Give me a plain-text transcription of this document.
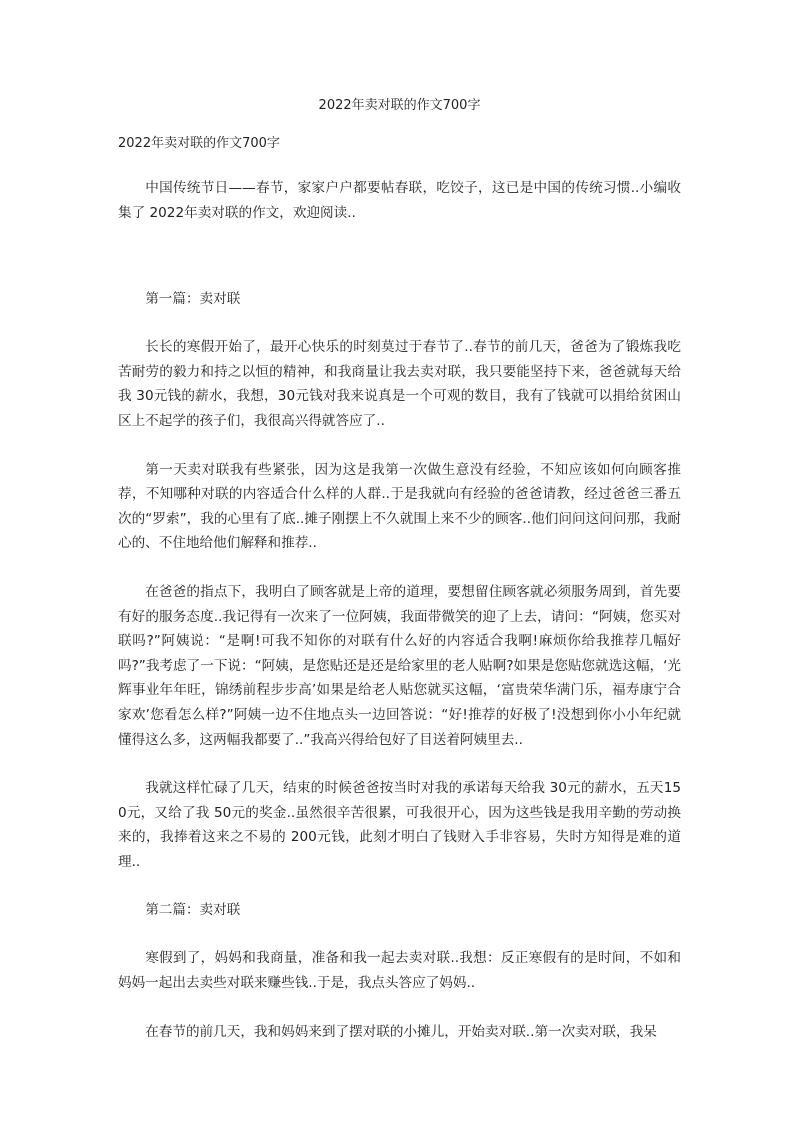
2022年卖对联的作文700字
2022年卖对联的作文700字

中国传统节日——春节，家家户户都要帖春联，吃饺子，这已是中国的传统习惯..小编收集了 2022年卖对联的作文，欢迎阅读..

第一篇：卖对联

长长的寒假开始了，最开心快乐的时刻莫过于春节了..春节的前几天，爸爸为了锻炼我吃苦耐劳的毅力和持之以恒的精神，和我商量让我去卖对联，我只要能坚持下来，爸爸就每天给我 30元钱的薪水，我想，30元钱对我来说真是一个可观的数目，我有了钱就可以捐给贫困山区上不起学的孩子们，我很高兴得就答应了..

第一天卖对联我有些紧张，因为这是我第一次做生意没有经验，不知应该如何向顾客推荐，不知哪种对联的内容适合什么样的人群..于是我就向有经验的爸爸请教，经过爸爸三番五次的“罗索”，我的心里有了底..摊子刚摆上不久就围上来不少的顾客..他们问问这问问那，我耐心的、不住地给他们解释和推荐..

在爸爸的指点下，我明白了顾客就是上帝的道理，要想留住顾客就必须服务周到，首先要有好的服务态度..我记得有一次来了一位阿姨，我面带微笑的迎了上去，请问：“阿姨，您买对联吗?”阿姨说：“是啊!可我不知你的对联有什么好的内容适合我啊!麻烦你给我推荐几幅好吗?”我考虑了一下说：“阿姨，是您贴还是还是给家里的老人贴啊?如果是您贴您就选这幅，‘光辉事业年年旺，锦绣前程步步高’如果是给老人贴您就买这幅，‘富贵荣华满门乐，福寿康宁合家欢’您看怎么样?”阿姨一边不住地点头一边回答说：“好!推荐的好极了!没想到你小小年纪就懂得这么多，这两幅我都要了..”我高兴得给包好了目送着阿姨里去..

我就这样忙碌了几天，结束的时候爸爸按当时对我的承诺每天给我 30元的薪水，五天150元，又给了我 50元的奖金..虽然很辛苦很累，可我很开心，因为这些钱是我用辛勤的劳动换来的，我捧着这来之不易的 200元钱，此刻才明白了钱财入手非容易，失时方知得是难的道理..

第二篇：卖对联

寒假到了，妈妈和我商量，准备和我一起去卖对联..我想：反正寒假有的是时间，不如和妈妈一起出去卖些对联来赚些钱..于是，我点头答应了妈妈..

在春节的前几天，我和妈妈来到了摆对联的小摊儿，开始卖对联..第一次卖对联，我呆
